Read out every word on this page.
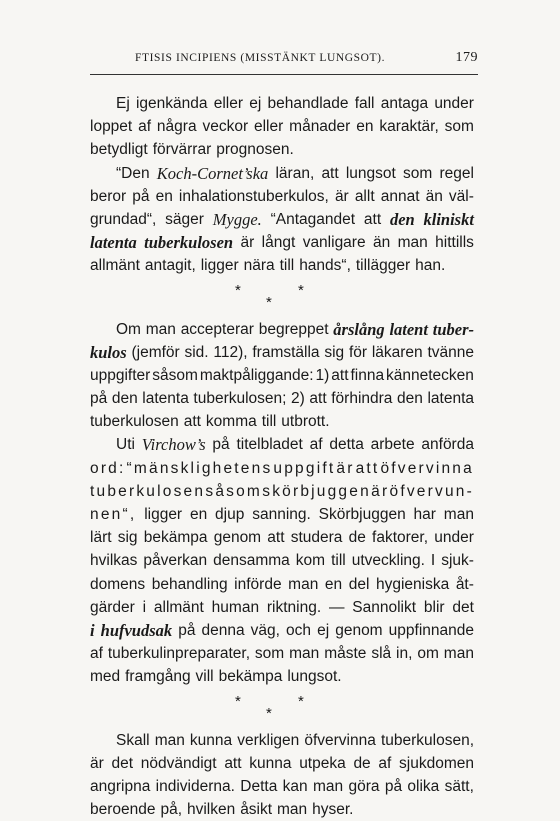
FTISIS INCIPIENS (MISSTÄNKT LUNGSOT).	179
Ej igenkända eller ej behandlade fall antaga under
loppet af några veckor eller månader en karaktär, som
betydligt förvärrar prognosen.
“Den Koch-Cornet’ska läran, att lungsot som regel
beror på en inhalationstuberkulos, är allt annat än väl-
grundad“, säger Mygge. “Antagandet att den kliniskt
latenta tuberkulosen är långt vanligare än man hittills
allmänt antagit, ligger nära till hands“, tillägger han.
*	*
*
Om man accepterar begreppet årslång latent tuber-
kulos (jemför sid. 112), framställa sig för läkaren tvänne
uppgifter såsom maktpåliggande: 1) att finna kännetecken
på den latenta tuberkulosen; 2) att förhindra den latenta
tuberkulosen att komma till utbrott.
Uti Virchow’s på titelbladet af detta arbete anförda
ord: “mänsklighetens uppgift är att öfvervinna
tuberkulosen såsom skörbjuggen är öfvervun-
nen“, ligger en djup sanning. Skörbjuggen har man
lärt sig bekämpa genom att studera de faktorer, under
hvilkas påverkan densamma kom till utveckling. I sjuk-
domens behandling införde man en del hygieniska åt-
gärder i allmänt human riktning. — Sannolikt blir det
i hufvudsak på denna väg, och ej genom uppfinnande
af tuberkulinpreparater, som man måste slå in, om man
med framgång vill bekämpa lungsot.
*	*
*
Skall man kunna verkligen öfvervinna tuberkulosen,
är det nödvändigt att kunna utpeka de af sjukdomen
angripna individerna. Detta kan man göra på olika sätt,
beroende på, hvilken åsikt man hyser.
